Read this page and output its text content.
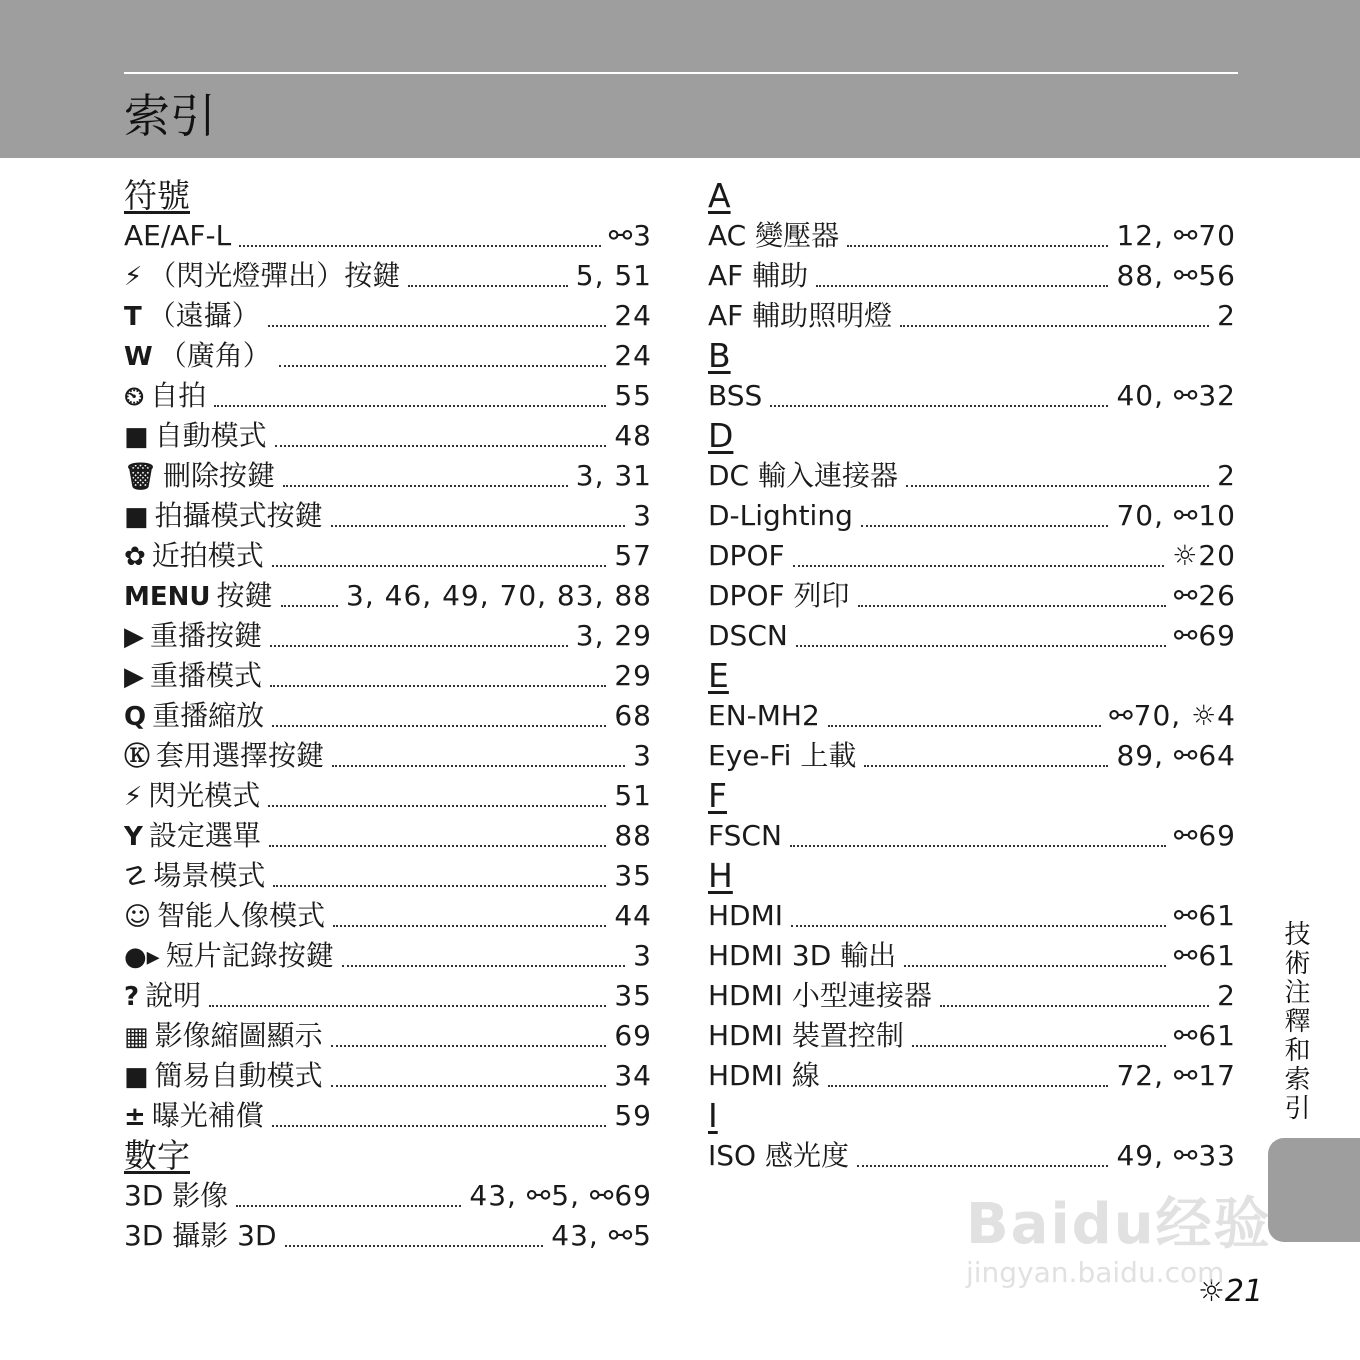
索引
符號
AE/AF-L	⚯3
⚡ （閃光燈彈出）按鍵	5, 51
T （遠攝）	24
W （廣角）	24
⏲ 自拍	55
■ 自動模式	48
🗑 刪除按鍵	3, 31
■ 拍攝模式按鍵	3
✿ 近拍模式	57
MENU 按鍵	3, 46, 49, 70, 83, 88
▶ 重播按鍵	3, 29
▶ 重播模式	29
Q 重播縮放	68
Ⓚ 套用選擇按鍵	3
⚡ 閃光模式	51
Y 設定選單	88
☡ 場景模式	35
☺ 智能人像模式	44
●▸ 短片記錄按鍵	3
? 說明	35
▦ 影像縮圖顯示	69
■ 簡易自動模式	34
± 曝光補償	59
數字
3D 影像	43, ⚯5, ⚯69
3D 攝影 3D	43, ⚯5
A
AC 變壓器	12, ⚯70
AF 輔助	88, ⚯56
AF 輔助照明燈	2
B
BSS	40, ⚯32
D
DC 輸入連接器	2
D-Lighting	70, ⚯10
DPOF	☼20
DPOF 列印	⚯26
DSCN	⚯69
E
EN-MH2	⚯70, ☼4
Eye-Fi 上載	89, ⚯64
F
FSCN	⚯69
H
HDMI	⚯61
HDMI 3D 輸出	⚯61
HDMI 小型連接器	2
HDMI 裝置控制	⚯61
HDMI 線	72, ⚯17
I
ISO 感光度	49, ⚯33
技術注釋和索引
☼21
Baidu经验
jingyan.baidu.com
